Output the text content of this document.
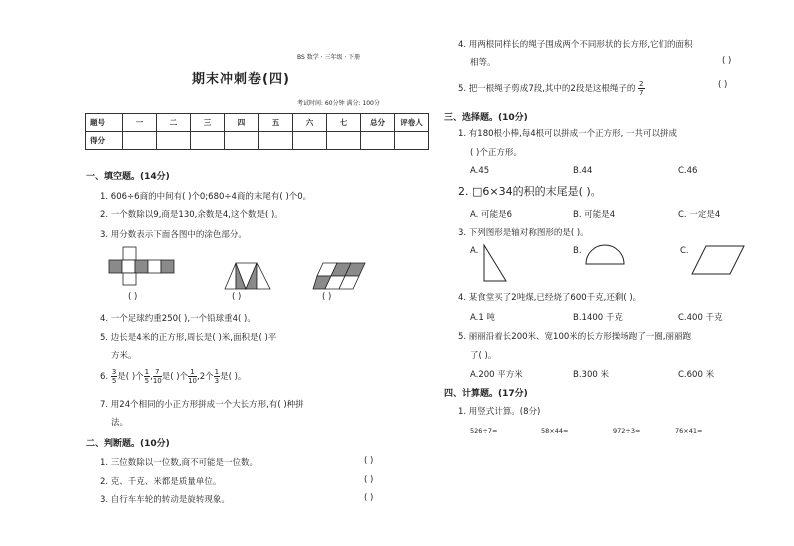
BS 数学 · 三年级 · 下册
期末冲刺卷(四)
考试时间: 60分钟 满分: 100分
题号	一	二	三	四	五	六	七	总分	评卷人
得分									
一、填空题。(14分)
1. 606÷6商的中间有( )个0;680÷4商的末尾有( )个0。
2. 一个数除以9,商是130,余数是4,这个数是( )。
3. 用分数表示下面各图中的涂色部分。
( )	( )	( )
4. 一个足球约重250( ),一个铅球重4( )。
5. 边长是4米的正方形,周长是( )米,面积是( )平
方米。
6. $\frac{3}{5}$ 是( )个 $\frac{1}{5}$ , $\frac{7}{10}$ 是( )个 $\frac{1}{10} ,2$个 $\frac{1}{3}$ 是( )。
7. 用24个相同的小正方形拼成一个大长方形,有( )种拼
法。
二、判断题。(10分)
1. 三位数除以一位数,商不可能是一位数。	( )
2. 克、千克、米都是质量单位。	( )
3. 自行车车轮的转动是旋转现象。	( )
4. 用两根同样长的绳子围成两个不同形状的长方形,它们的面积
相等。	( )
5. 把一根绳子剪成7段,其中的2段是这根绳子的 $\frac{2}{7}$	( )
三、选择题。(10分)
1. 有180根小棒,每4根可以拼成一个正方形, 一共可以拼成
( )个正方形。
A.45	B.44	C.46
2. □6×34的积的末尾是( )。
A. 可能是6	B. 可能是4	C. 一定是4
3. 下列图形是轴对称图形的是( )。
A.	B.	C.
4. 某食堂买了2吨煤,已经烧了600千克,还剩( )。
A.1 吨	B.1400 千克	C.400 千克
5. 丽丽沿着长200米、宽100米的长方形操场跑了一圈,丽丽跑
了( )。
A.200 平方米	B.300 米	C.600 米
四、计算题。(17分)
1. 用竖式计算。(8分)
526÷7=	58×44=	972÷3=	76×41=
